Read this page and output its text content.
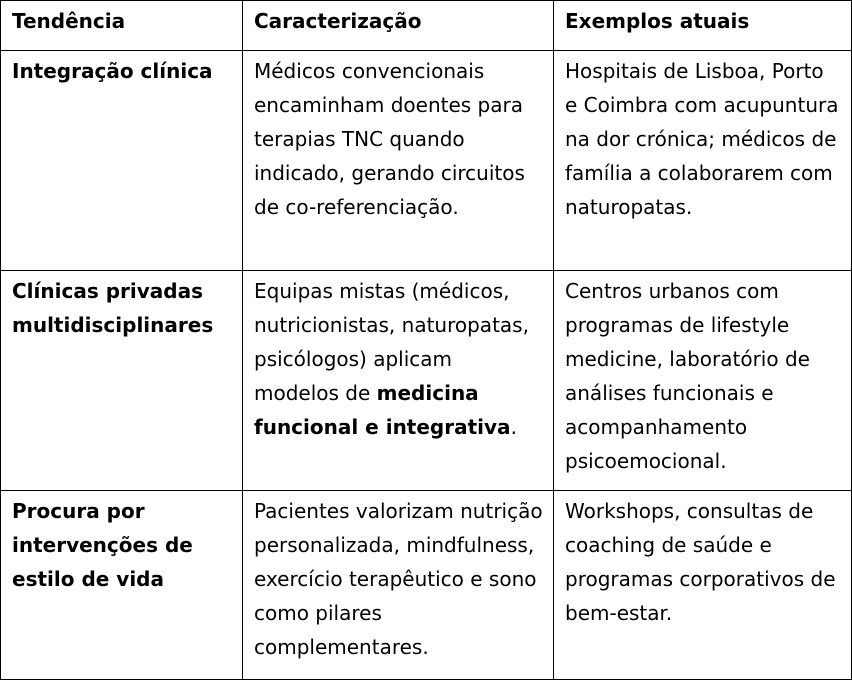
Tendência	Caracterização	Exemplos atuais
Integração clínica	Médicos convencionais encaminham doentes para terapias TNC quando indicado, gerando circuitos de co-referenciação.	Hospitais de Lisboa, Porto e Coimbra com acupuntura na dor crónica; médicos de família a colaborarem com naturopatas.
Clínicas privadas multidisciplinares	Equipas mistas (médicos, nutricionistas, naturopatas, psicólogos) aplicam modelos de medicina funcional e integrativa.	Centros urbanos com programas de lifestyle medicine, laboratório de análises funcionais e acompanhamento psicoemocional.
Procura por intervenções de estilo de vida	Pacientes valorizam nutrição personalizada, mindfulness, exercício terapêutico e sono como pilares complementares.	Workshops, consultas de coaching de saúde e programas corporativos de bem-estar.
